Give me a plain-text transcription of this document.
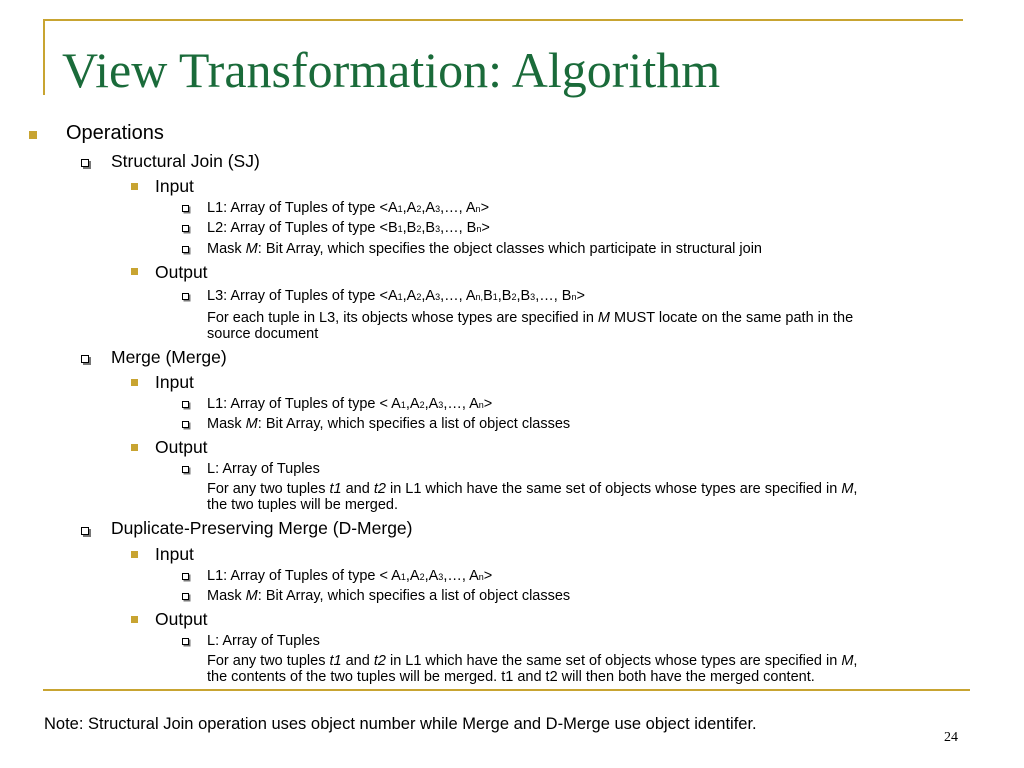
View Transformation: Algorithm
Operations
Structural Join (SJ)
Input
L1: Array of Tuples of type <A1,A2,A3,…, An>
L2: Array of Tuples of type <B1,B2,B3,…, Bn>
Mask M: Bit Array, which specifies the object classes which participate in structural join
Output
L3: Array of Tuples of type <A1,A2,A3,…, An,B1,B2,B3,…, Bn>
For each tuple in L3, its objects whose types are specified in M MUST locate on the same path in the
source document
Merge (Merge)
Input
L1: Array of Tuples of type < A1,A2,A3,…, An>
Mask M: Bit Array, which specifies a list of object classes
Output
L: Array of Tuples
For any two tuples t1 and t2 in L1 which have the same set of objects whose types are specified in M,
the two tuples will be merged.
Duplicate-Preserving Merge (D-Merge)
Input
L1: Array of Tuples of type < A1,A2,A3,…, An>
Mask M: Bit Array, which specifies a list of object classes
Output
L: Array of Tuples
For any two tuples t1 and t2 in L1 which have the same set of objects whose types are specified in M,
the contents of the two tuples will be merged. t1 and t2 will then both have the merged content.
Note: Structural Join operation uses object number while Merge and D-Merge use object identifer.
24
